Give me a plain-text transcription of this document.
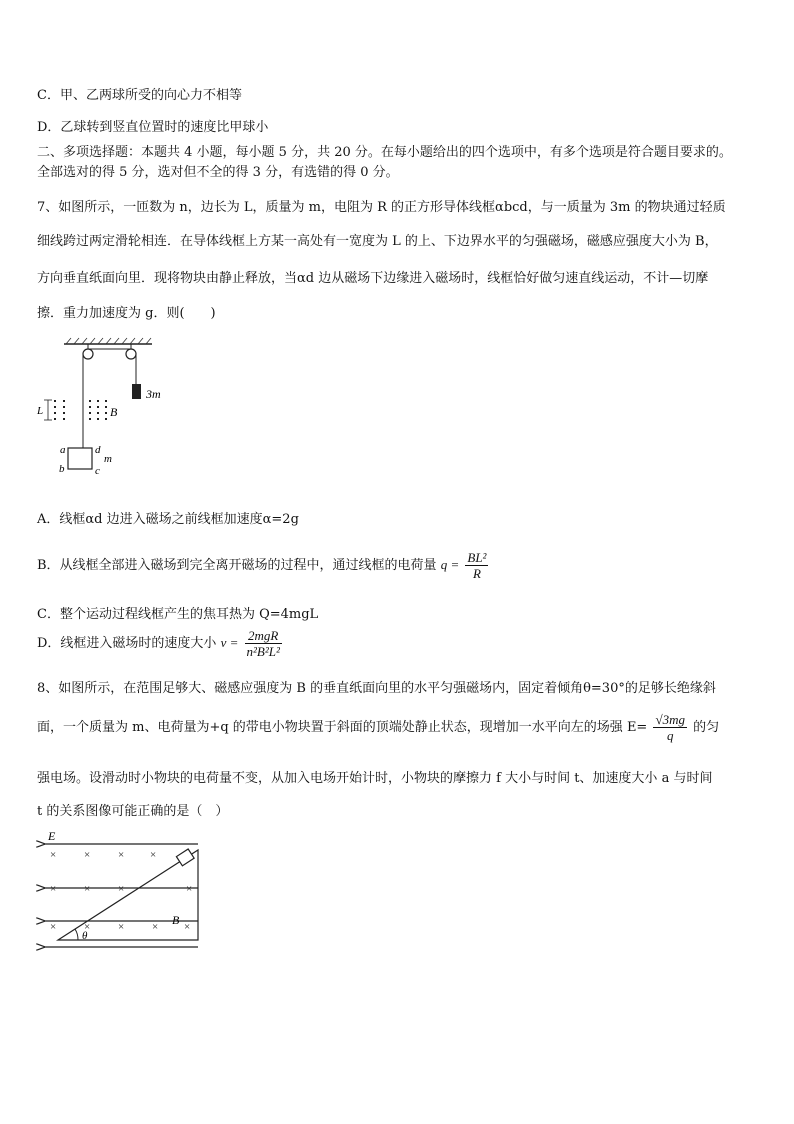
C．甲、乙两球所受的向心力不相等
D．乙球转到竖直位置时的速度比甲球小
二、多项选择题：本题共 4 小题，每小题 5 分，共 20 分。在每小题给出的四个选项中，有多个选项是符合题目要求的。
全部选对的得 5 分，选对但不全的得 3 分，有选错的得 0 分。
7、如图所示，一匝数为 n，边长为 L，质量为 m，电阻为 R 的正方形导体线框αbcd，与一质量为 3m 的物块通过轻质
细线跨过两定滑轮相连．在导体线框上方某一高处有一宽度为 L 的上、下边界水平的匀强磁场，磁感应强度大小为 B，
方向垂直纸面向里．现将物块由静止释放，当αd 边从磁场下边缘进入磁场时，线框恰好做匀速直线运动，不计—切摩
擦．重力加速度为 g．则(　　)
3m
L	B
a	d
m
b	c
A．线框αd 边进入磁场之前线框加速度α=2g
B．从线框全部进入磁场到完全离开磁场的过程中，通过线框的电荷量 $q = \frac{\text{BL²}}{R}$
C．整个运动过程线框产生的焦耳热为 Q=4mgL
D．线框进入磁场时的速度大小 $v = \frac{\text{2mgR}}{\text{n²B²L²}}$
8、如图所示，在范围足够大、磁感应强度为 B 的垂直纸面向里的水平匀强磁场内，固定着倾角θ=30°的足够长绝缘斜
面，一个质量为 m、电荷量为+q 的带电小物块置于斜面的顶端处静止状态，现增加一水平向左的场强 $E= \frac{√3mg}{q}$ 的匀
强电场。设滑动时小物块的电荷量不变，从加入电场开始计时，小物块的摩擦力 f 大小与时间 t、加速度大小 a 与时间
t 的关系图像可能正确的是（　）
E
θ
B
×	×	× ×
×	×	×	×
×	×	×	× ×
